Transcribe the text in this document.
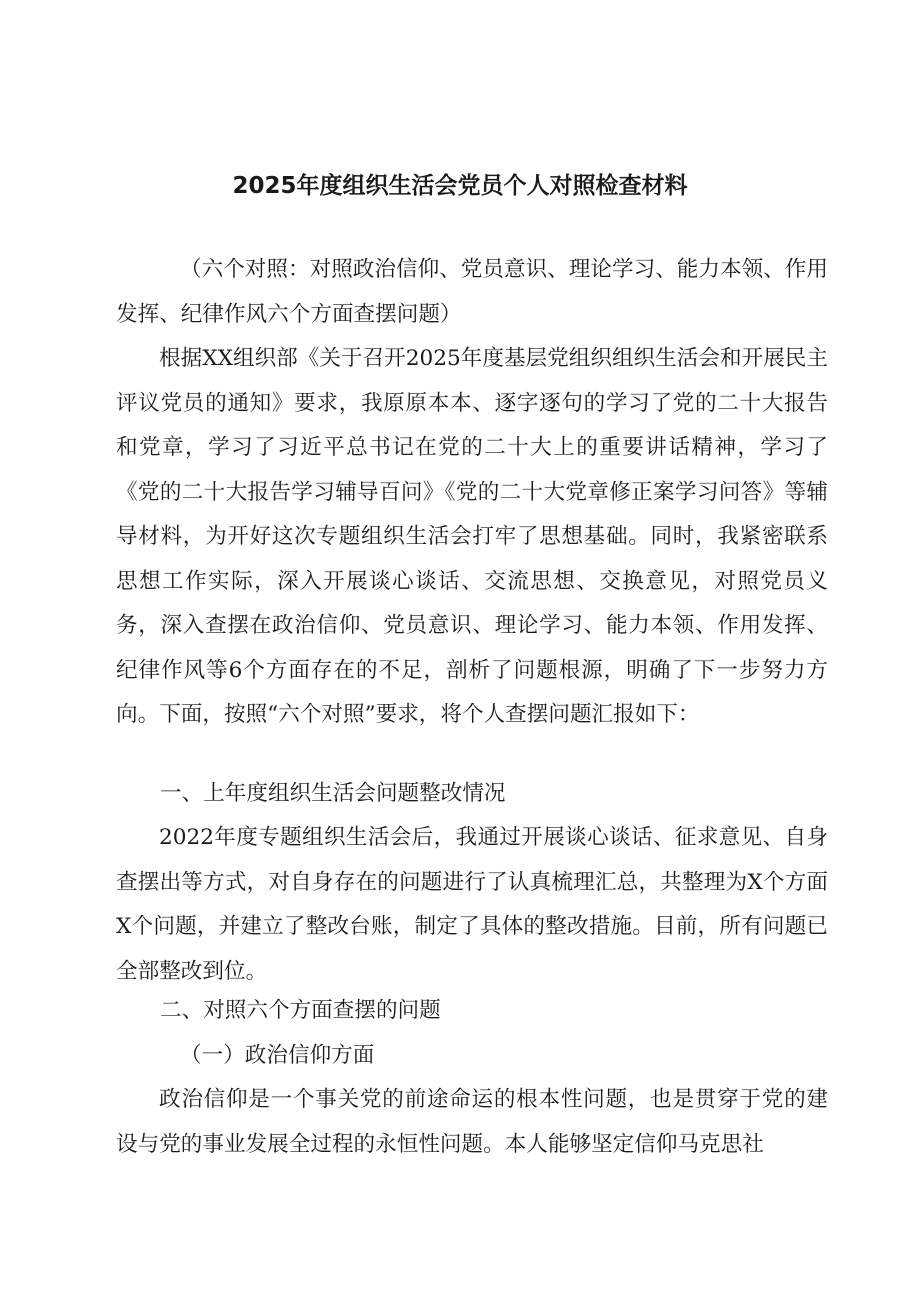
2025年度组织生活会党员个人对照检查材料
（六个对照：对照政治信仰、党员意识、理论学习、能力本领、作用发挥、纪律作风六个方面查摆问题）
根据XX组织部《关于召开2025年度基层党组织组织生活会和开展民主评议党员的通知》要求，我原原本本、逐字逐句的学习了党的二十大报告和党章，学习了习近平总书记在党的二十大上的重要讲话精神，学习了《党的二十大报告学习辅导百问》《党的二十大党章修正案学习问答》等辅导材料，为开好这次专题组织生活会打牢了思想基础。同时，我紧密联系思想工作实际，深入开展谈心谈话、交流思想、交换意见，对照党员义务，深入查摆在政治信仰、党员意识、理论学习、能力本领、作用发挥、纪律作风等6个方面存在的不足，剖析了问题根源，明确了下一步努力方向。下面，按照“六个对照”要求，将个人查摆问题汇报如下：
一、上年度组织生活会问题整改情况
2022年度专题组织生活会后，我通过开展谈心谈话、征求意见、自身查摆出等方式，对自身存在的问题进行了认真梳理汇总，共整理为X个方面X个问题，并建立了整改台账，制定了具体的整改措施。目前，所有问题已全部整改到位。
二、对照六个方面查摆的问题
（一）政治信仰方面
政治信仰是一个事关党的前途命运的根本性问题，也是贯穿于党的建设与党的事业发展全过程的永恒性问题。本人能够坚定信仰马克思社
